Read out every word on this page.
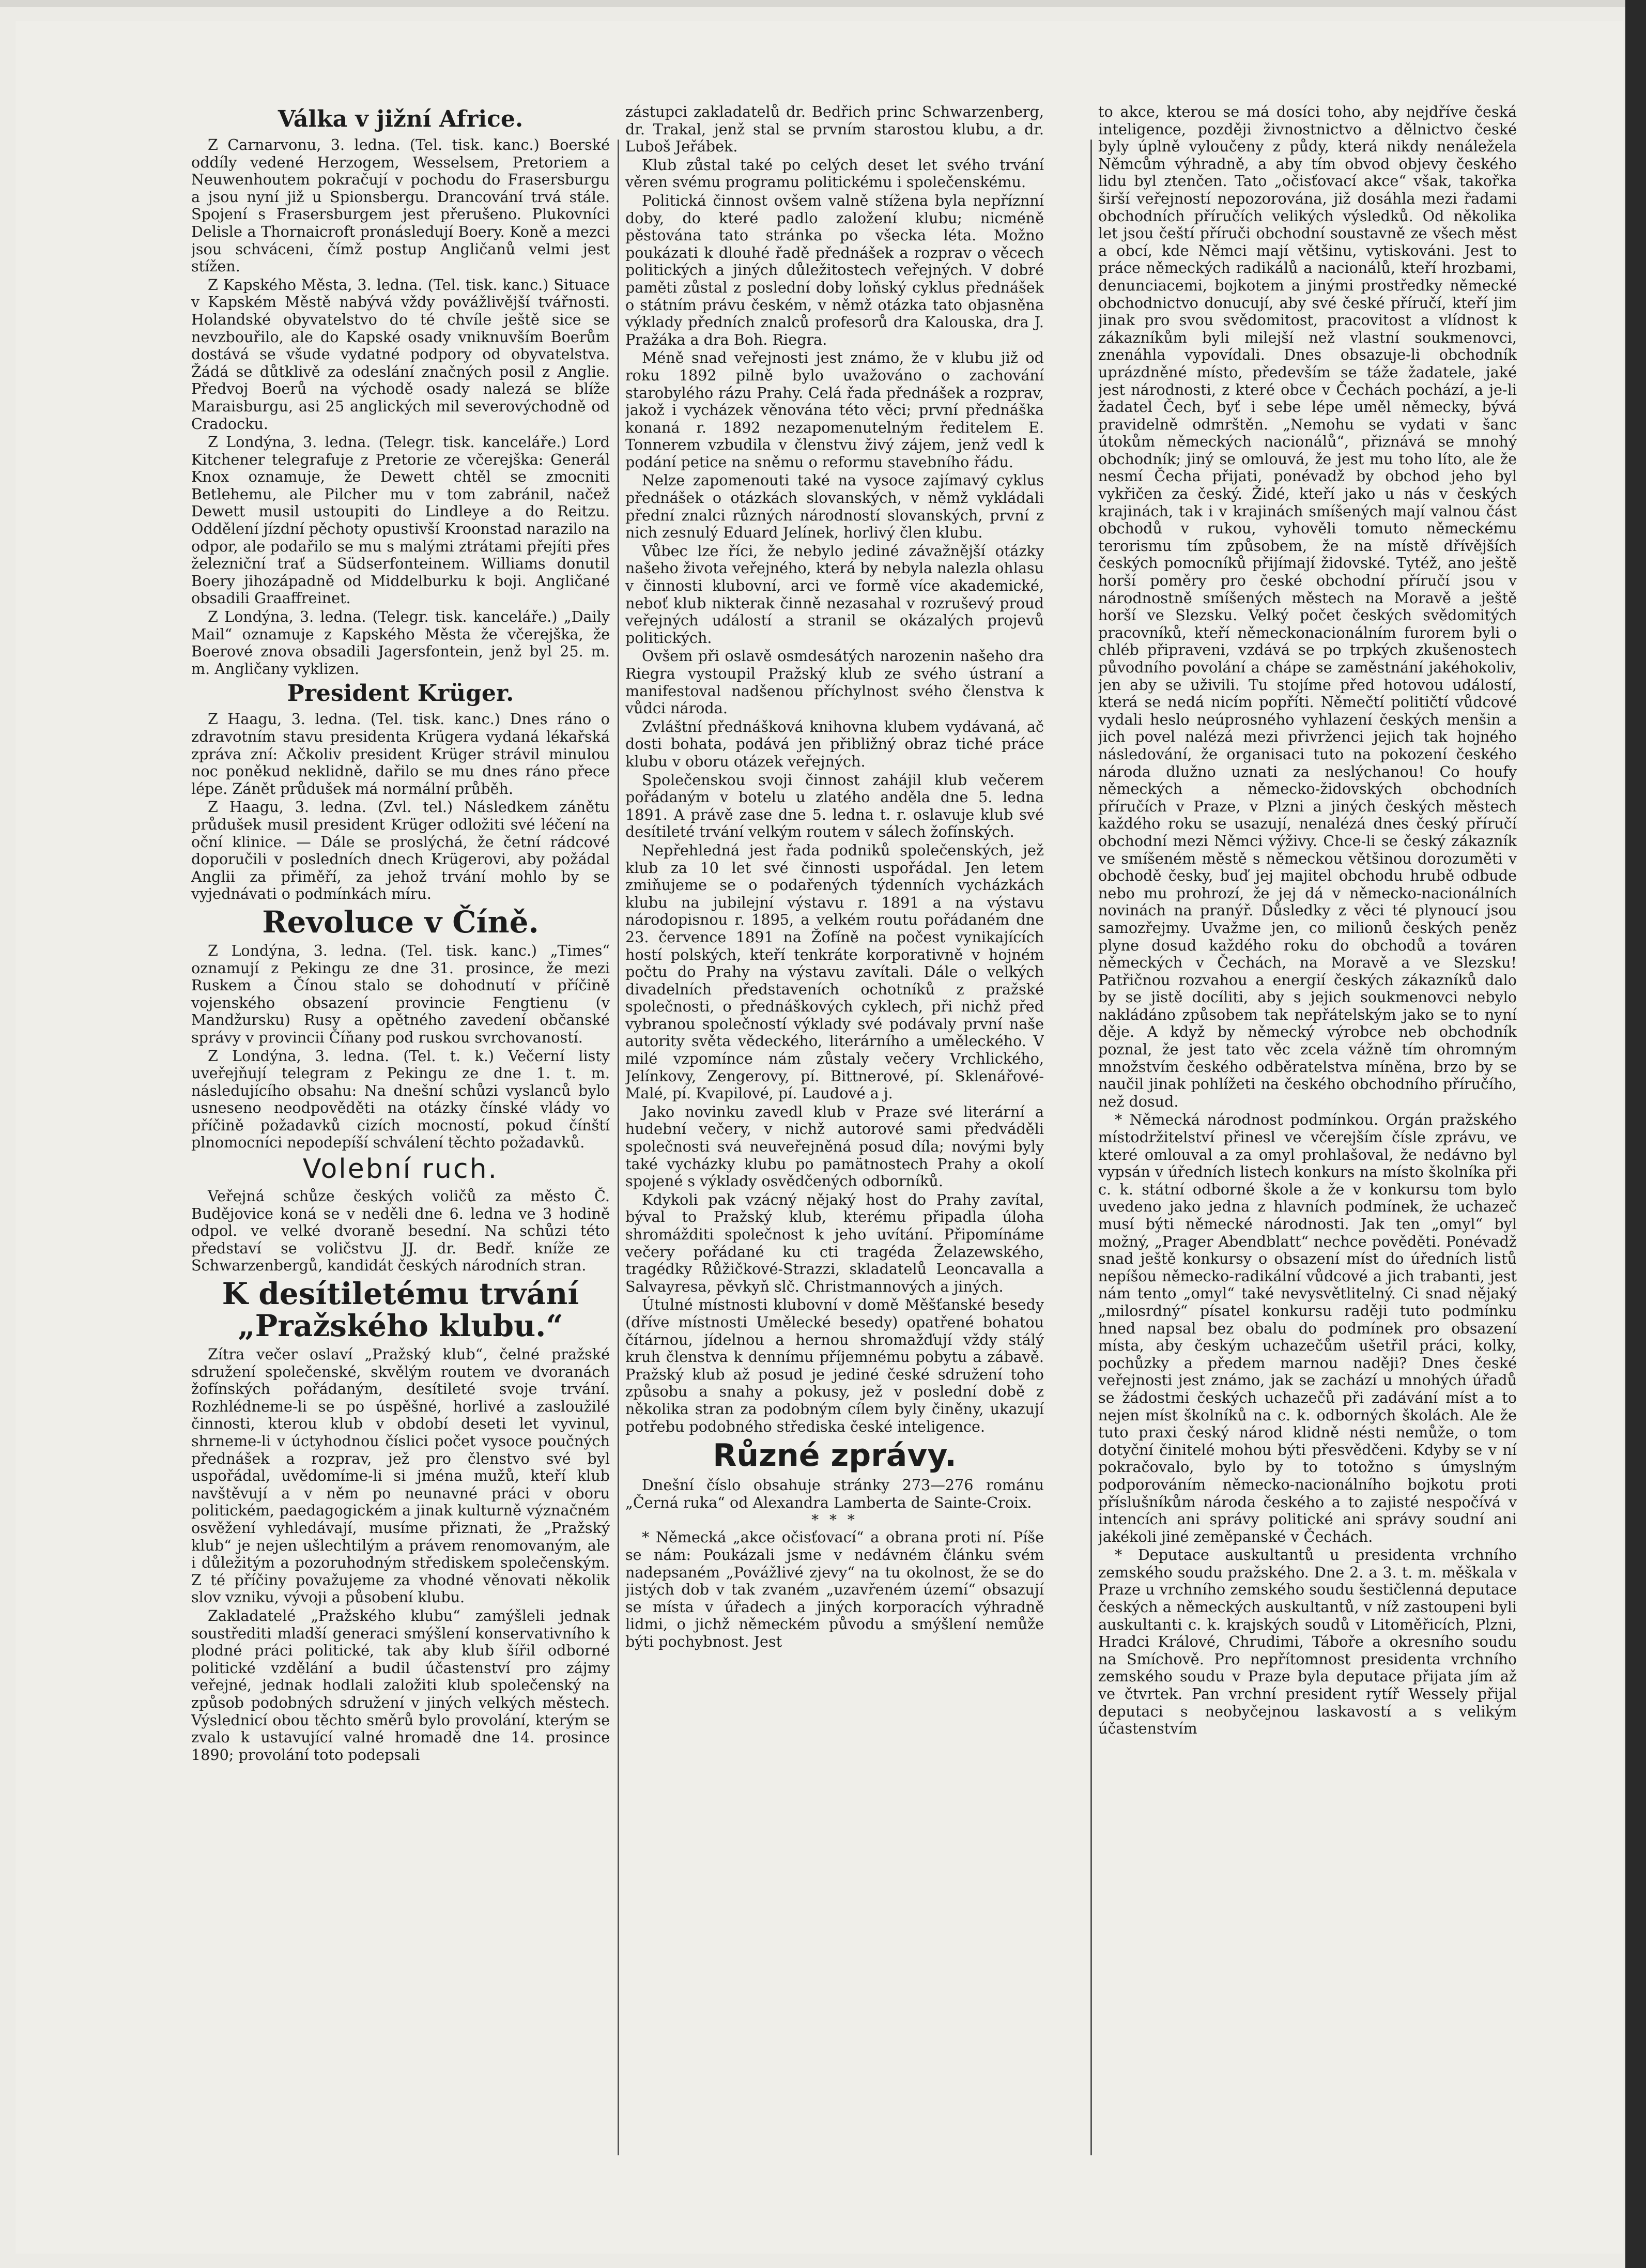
Válka v jižní Africe.

Z Carnarvonu, 3. ledna. (Tel. tisk. kanc.) Boerské oddíly vedené Herzogem, Wesselsem, Pretoriem a Neuwenhoutem pokračují v pochodu do Frasersburgu a jsou nyní již u Spionsbergu. Drancování trvá stále. Spojení s Frasersburgem jest přerušeno. Plukovníci Delisle a Thornaicroft pronásledují Boery. Koně a mezci jsou schváceni, čímž postup Angličanů velmi jest stížen.

Z Kapského Města, 3. ledna. (Tel. tisk. kanc.) Situace v Kapském Městě nabývá vždy povážlivější tvářnosti. Holandské obyvatelstvo do té chvíle ještě sice se nevzbouřilo, ale do Kapské osady vniknuvším Boerům dostává se všude vydatné podpory od obyvatelstva. Žádá se důtklivě za odeslání značných posil z Anglie. Předvoj Boerů na východě osady nalezá se blíže Maraisburgu, asi 25 anglických mil severovýchodně od Cradocku.

Z Londýna, 3. ledna. (Telegr. tisk. kanceláře.) Lord Kitchener telegrafuje z Pretorie ze včerejška: Generál Knox oznamuje, že Dewett chtěl se zmocniti Betlehemu, ale Pilcher mu v tom zabránil, načež Dewett musil ustoupiti do Lindleye a do Reitzu. Oddělení jízdní pěchoty opustivší Kroonstad narazilo na odpor, ale podařilo se mu s malými ztrátami přejíti přes železniční trať a Südserfonteinem. Williams donutil Boery jihozápadně od Middelburku k boji. Angličané obsadili Graaffreinet.

Z Londýna, 3. ledna. (Telegr. tisk. kanceláře.) „Daily Mail“ oznamuje z Kapského Města že včerejška, že Boerové znova obsadili Jagersfontein, jenž byl 25. m. m. Angličany vyklizen.

President Krüger.

Z Haagu, 3. ledna. (Tel. tisk. kanc.) Dnes ráno o zdravotním stavu presidenta Krügera vydaná lékařská zpráva zní: Ačkoliv president Krüger strávil minulou noc poněkud neklidně, dařilo se mu dnes ráno přece lépe. Zánět průdušek má normální průběh.

Z Haagu, 3. ledna. (Zvl. tel.) Následkem zánětu průdušek musil president Krüger odložiti své léčení na oční klinice. — Dále se proslýchá, že četní rádcové doporučili v posledních dnech Krügerovi, aby požádal Anglii za přiměří, za jehož trvání mohlo by se vyjednávati o podmínkách míru.

Revoluce v Číně.

Z Londýna, 3. ledna. (Tel. tisk. kanc.) „Times“ oznamují z Pekingu ze dne 31. prosince, že mezi Ruskem a Čínou stalo se dohodnutí v příčině vojenského obsazení provincie Fengtienu (v Mandžursku) Rusy a opětného zavedení občanské správy v provincii Číňany pod ruskou svrchovaností.

Z Londýna, 3. ledna. (Tel. t. k.) Večerní listy uveřejňují telegram z Pekingu ze dne 1. t. m. následujícího obsahu: Na dnešní schůzi vyslanců bylo usneseno neodpověděti na otázky čínské vlády vo příčině požadavků cizích mocností, pokud čínští plnomocníci nepodepíší schválení těchto požadavků.

Volební ruch.

Veřejná schůze českých voličů za město Č. Budějovice koná se v neděli dne 6. ledna ve 3 hodině odpol. ve velké dvoraně besední. Na schůzi této představí se voličstvu JJ. dr. Bedř. kníže ze Schwarzenbergů, kandidát českých národních stran.

K desítiletému trvání „Pražského klubu.“

Zítra večer oslaví „Pražský klub“, čelné pražské sdružení společenské, skvělým routem ve dvoranách žofínských pořádaným, desítileté svoje trvání. Rozhlédneme-li se po úspěšné, horlivé a zasloužilé činnosti, kterou klub v období deseti let vyvinul, shrneme-li v úctyhodnou číslici počet vysoce poučných přednášek a rozprav, jež pro členstvo své byl uspořádal, uvědomíme-li si jména mužů, kteří klub navštěvují a v něm po neunavné práci v oboru politickém, paedagogickém a jinak kulturně význačném osvěžení vyhledávají, musíme přiznati, že „Pražský klub“ je nejen ušlechtilým a právem renomovaným, ale i důležitým a pozoruhodným střediskem společenským. Z té příčiny považujeme za vhodné věnovati několik slov vzniku, vývoji a působení klubu.

Zakladatelé „Pražského klubu“ zamýšleli jednak soustřediti mladší generaci smýšlení konservativního k plodné práci politické, tak aby klub šířil odborné politické vzdělání a budil účastenství pro zájmy veřejné, jednak hodlali založiti klub společenský na způsob podobných sdružení v jiných velkých městech. Výslednicí obou těchto směrů bylo provolání, kterým se zvalo k ustavující valné hromadě dne 14. prosince 1890; provolání toto podepsali

zástupci zakladatelů dr. Bedřich princ Schwarzenberg, dr. Trakal, jenž stal se prvním starostou klubu, a dr. Luboš Jeřábek.

Klub zůstal také po celých deset let svého trvání věren svému programu politickému i společenskému.

Politická činnost ovšem valně stížena byla nepříznní doby, do které padlo založení klubu; nicméně pěstována tato stránka po všecka léta. Možno poukázati k dlouhé řadě přednášek a rozprav o věcech politických a jiných důležitostech veřejných. V dobré paměti zůstal z poslední doby loňský cyklus přednášek o státním právu českém, v němž otázka tato objasněna výklady předních znalců profesorů dra Kalouska, dra J. Pražáka a dra Boh. Riegra.

Méně snad veřejnosti jest známo, že v klubu již od roku 1892 pilně bylo uvažováno o zachování starobylého rázu Prahy. Celá řada přednášek a rozprav, jakož i vycházek věnována této věci; první přednáška konaná r. 1892 nezapomenutelným ředitelem E. Tonnerem vzbudila v členstvu živý zájem, jenž vedl k podání petice na sněmu o reformu stavebního řádu.

Nelze zapomenouti také na vysoce zajímavý cyklus přednášek o otázkách slovanských, v němž vykládali přední znalci různých národností slovanských, první z nich zesnulý Eduard Jelínek, horlivý člen klubu.

Vůbec lze říci, že nebylo jediné závažnější otázky našeho života veřejného, která by nebyla nalezla ohlasu v činnosti klubovní, arci ve formě více akademické, neboť klub nikterak činně nezasahal v rozruševý proud veřejných událostí a stranil se okázalých projevů politických.

Ovšem při oslavě osmdesátých narozenin našeho dra Riegra vystoupil Pražský klub ze svého ústraní a manifestoval nadšenou příchylnost svého členstva k vůdci národa.

Zvláštní přednášková knihovna klubem vydávaná, ač dosti bohata, podává jen přibližný obraz tiché práce klubu v oboru otázek veřejných.

Společenskou svoji činnost zahájil klub večerem pořádaným v botelu u zlatého anděla dne 5. ledna 1891. A právě zase dne 5. ledna t. r. oslavuje klub své desítileté trvání velkým routem v sálech žofínských.

Nepřehledná jest řada podniků společenských, jež klub za 10 let své činnosti uspořádal. Jen letem zmiňujeme se o podařených týdenních vycházkách klubu na jubilejní výstavu r. 1891 a na výstavu národopisnou r. 1895, a velkém routu pořádaném dne 23. července 1891 na Žofíně na počest vynikajících hostí polských, kteří tenkráte korporativně v hojném počtu do Prahy na výstavu zavítali. Dále o velkých divadelních představeních ochotníků z pražské společnosti, o přednáškových cyklech, při nichž před vybranou společností výklady své podávaly první naše autority světa vědeckého, literárního a uměleckého. V milé vzpomínce nám zůstaly večery Vrchlického, Jelínkovy, Zengerovy, pí. Bittnerové, pí. Sklenářové-Malé, pí. Kvapilové, pí. Laudové a j.

Jako novinku zavedl klub v Praze své literární a hudební večery, v nichž autorové sami předváděli společnosti svá neuveřejněná posud díla; novými byly také vycházky klubu po pamätnostech Prahy a okolí spojené s výklady osvědčených odborníků.

Kdykoli pak vzácný nějaký host do Prahy zavítal, býval to Pražský klub, kterému připadla úloha shromážditi společnost k jeho uvítání. Připomínáme večery pořádané ku cti tragéda Želazewského, tragédky Růžičkové-Strazzi, skladatelů Leoncavalla a Salvayresa, pěvkyň slč. Christmannových a jiných.

Útulné místnosti klubovní v domě Měšťanské besedy (dříve místnosti Umělecké besedy) opatřené bohatou čítárnou, jídelnou a hernou shromažďují vždy stálý kruh členstva k dennímu příjemnému pobytu a zábavě. Pražský klub až posud je jediné české sdružení toho způsobu a snahy a pokusy, jež v poslední době z několika stran za podobným cílem byly činěny, ukazují potřebu podobného střediska české inteligence.

Různé zprávy.

Dnešní číslo obsahuje stránky 273—276 románu „Černá ruka“ od Alexandra Lamberta de Sainte-Croix.

* * *

* Německá „akce očisťovací“ a obrana proti ní. Píše se nám: Poukázali jsme v nedávném článku svém nadepsaném „Povážlivé zjevy“ na tu okolnost, že se do jistých dob v tak zvaném „uzavřeném území“ obsazují se místa v úřadech a jiných korporacích výhradně lidmi, o jichž německém původu a smýšlení nemůže býti pochybnost. Jest

to akce, kterou se má dosíci toho, aby nejdříve česká inteligence, později živnostnictvo a dělnictvo české byly úplně vyloučeny z půdy, která nikdy nenáležela Němcům výhradně, a aby tím obvod objevy českého lidu byl ztenčen. Tato „očisťovací akce“ však, takořka širší veřejností nepozorována, již dosáhla mezi řadami obchodních příručích velikých výsledků. Od několika let jsou čeští příruči obchodní soustavně ze všech měst a obcí, kde Němci mají většinu, vytiskováni. Jest to práce německých radikálů a nacionálů, kteří hrozbami, denunciacemi, bojkotem a jinými prostředky německé obchodnictvo donucují, aby své české příručí, kteří jim jinak pro svou svědomitost, pracovitost a vlídnost k zákazníkům byli milejší než vlastní soukmenovci, znenáhla vypovídali. Dnes obsazuje-li obchodník uprázdněné místo, především se táže žadatele, jaké jest národnosti, z které obce v Čechách pochází, a je-li žadatel Čech, byť i sebe lépe uměl německy, bývá pravidelně odmrštěn. „Nemohu se vydati v šanc útokům německých nacionálů“, přiznává se mnohý obchodník; jiný se omlouvá, že jest mu toho líto, ale že nesmí Čecha přijati, ponévadž by obchod jeho byl vykřičen za český. Židé, kteří jako u nás v českých krajinách, tak i v krajinách smíšených mají valnou část obchodů v rukou, vyhověli tomuto německému terorismu tím způsobem, že na místě dřívějších českých pomocníků přijímají židovské. Tytéž, ano ještě horší poměry pro české obchodní příručí jsou v národnostně smíšených městech na Moravě a ještě horší ve Slezsku. Velký počet českých svědomitých pracovníků, kteří německonacionálním furorem byli o chléb připraveni, vzdává se po trpkých zkušenostech původního povolání a chápe se zaměstnání jakéhokoliv, jen aby se uživili. Tu stojíme před hotovou událostí, která se nedá nicím popříti. Němečtí političtí vůdcové vydali heslo neúprosného vyhlazení českých menšin a jich povel nalézá mezi přivrženci jejich tak hojného následování, že organisaci tuto na pokození českého národa dlužno uznati za neslýchanou! Co houfy německých a německo-židovských obchodních příručích v Praze, v Plzni a jiných českých městech každého roku se usazují, nenalézá dnes český příručí obchodní mezi Němci výživy. Chce-li se český zákazník ve smíšeném městě s německou většinou dorozuměti v obchodě česky, buď jej majitel obchodu hrubě odbude nebo mu prohrozí, že jej dá v německo-nacionálních novinách na pranýř. Důsledky z věci té plynoucí jsou samozřejmy. Uvažme jen, co milionů českých peněz plyne dosud každého roku do obchodů a továren německých v Čechách, na Moravě a ve Slezsku! Patřičnou rozvahou a energií českých zákazníků dalo by se jistě docíliti, aby s jejich soukmenovci nebylo nakládáno způsobem tak nepřátelským jako se to nyní děje. A když by německý výrobce neb obchodník poznal, že jest tato věc zcela vážně tím ohromným množstvím českého odběratelstva míněna, brzo by se naučil jinak pohlížeti na českého obchodního příručího, než dosud.

* Německá národnost podmínkou. Orgán pražského místodržitelství přinesl ve včerejším čísle zprávu, ve které omlouval a za omyl prohlašoval, že nedávno byl vypsán v úředních listech konkurs na místo školníka při c. k. státní odborné škole a že v konkursu tom bylo uvedeno jako jedna z hlavních podmínek, že uchazeč musí býti německé národnosti. Jak ten „omyl“ byl možný, „Prager Abendblatt“ nechce pověděti. Ponévadž snad ještě konkursy o obsazení míst do úředních listů nepíšou německo-radikální vůdcové a jich trabanti, jest nám tento „omyl“ také nevysvětlitelný. Ci snad nějaký „milosrdný“ písatel konkursu raději tuto podmínku hned napsal bez obalu do podmínek pro obsazení místa, aby českým uchazečům ušetřil práci, kolky, pochůzky a předem marnou naději? Dnes české veřejnosti jest známo, jak se zachází u mnohých úřadů se žádostmi českých uchazečů při zadávání míst a to nejen míst školníků na c. k. odborných školách. Ale že tuto praxi český národ klidně nésti nemůže, o tom dotyční činitelé mohou býti přesvědčeni. Kdyby se v ní pokračovalo, bylo by to totožno s úmyslným podporováním německo-nacionálního bojkotu proti příslušníkům národa českého a to zajisté nespočívá v intencích ani správy politické ani správy soudní ani jakékoli jiné zeměpanské v Čechách.

* Deputace auskultantů u presidenta vrchního zemského soudu pražského. Dne 2. a 3. t. m. měškala v Praze u vrchního zemského soudu šestičlenná deputace českých a německých auskultantů, v níž zastoupeni byli auskultanti c. k. krajských soudů v Litoměřicích, Plzni, Hradci Králové, Chrudimi, Táboře a okresního soudu na Smíchově. Pro nepřítomnost presidenta vrchního zemského soudu v Praze byla deputace přijata jím až ve čtvrtek. Pan vrchní president rytíř Wessely přijal deputaci s neobyčejnou laskavostí a s velikým účastenstvím
